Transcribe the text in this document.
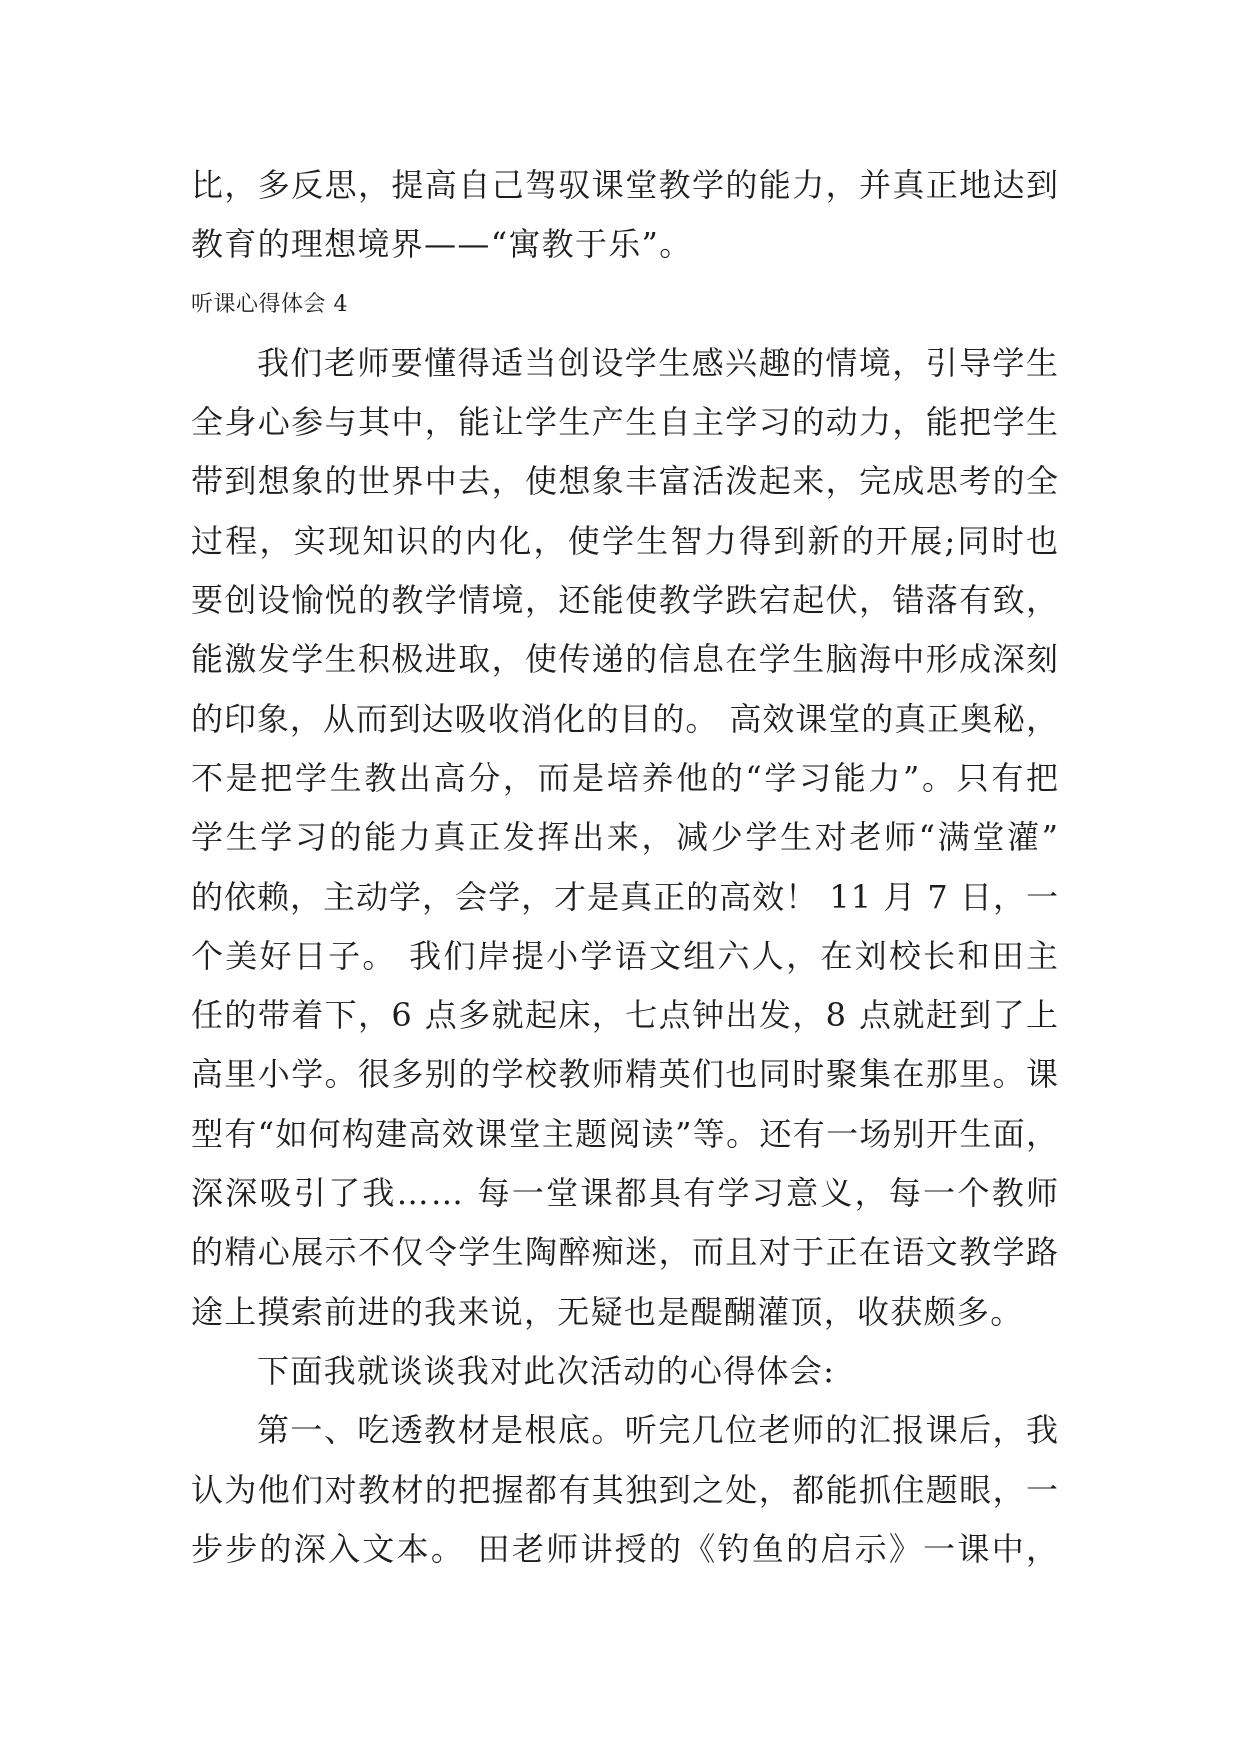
比，多反思，提高自己驾驭课堂教学的能力，并真正地达到
教育的理想境界——“寓教于乐”。
听课心得体会 4
我们老师要懂得适当创设学生感兴趣的情境，引导学生
全身心参与其中，能让学生产生自主学习的动力，能把学生
带到想象的世界中去，使想象丰富活泼起来，完成思考的全
过程，实现知识的内化，使学生智力得到新的开展;同时也
要创设愉悦的教学情境，还能使教学跌宕起伏，错落有致，
能激发学生积极进取，使传递的信息在学生脑海中形成深刻
的印象，从而到达吸收消化的目的。 高效课堂的真正奥秘，
不是把学生教出高分，而是培养他的“学习能力”。只有把
学生学习的能力真正发挥出来，减少学生对老师“满堂灌”
的依赖，主动学，会学，才是真正的高效！ 11 月 7 日，一
个美好日子。 我们岸提小学语文组六人，在刘校长和田主
任的带着下，6 点多就起床，七点钟出发，8 点就赶到了上
高里小学。很多别的学校教师精英们也同时聚集在那里。课
型有“如何构建高效课堂主题阅读”等。还有一场别开生面，
深深吸引了我…… 每一堂课都具有学习意义，每一个教师
的精心展示不仅令学生陶醉痴迷，而且对于正在语文教学路
途上摸索前进的我来说，无疑也是醍醐灌顶，收获颇多。
下面我就谈谈我对此次活动的心得体会:
第一、吃透教材是根底。听完几位老师的汇报课后，我
认为他们对教材的把握都有其独到之处，都能抓住题眼，一
步步的深入文本。 田老师讲授的《钓鱼的启示》一课中，
